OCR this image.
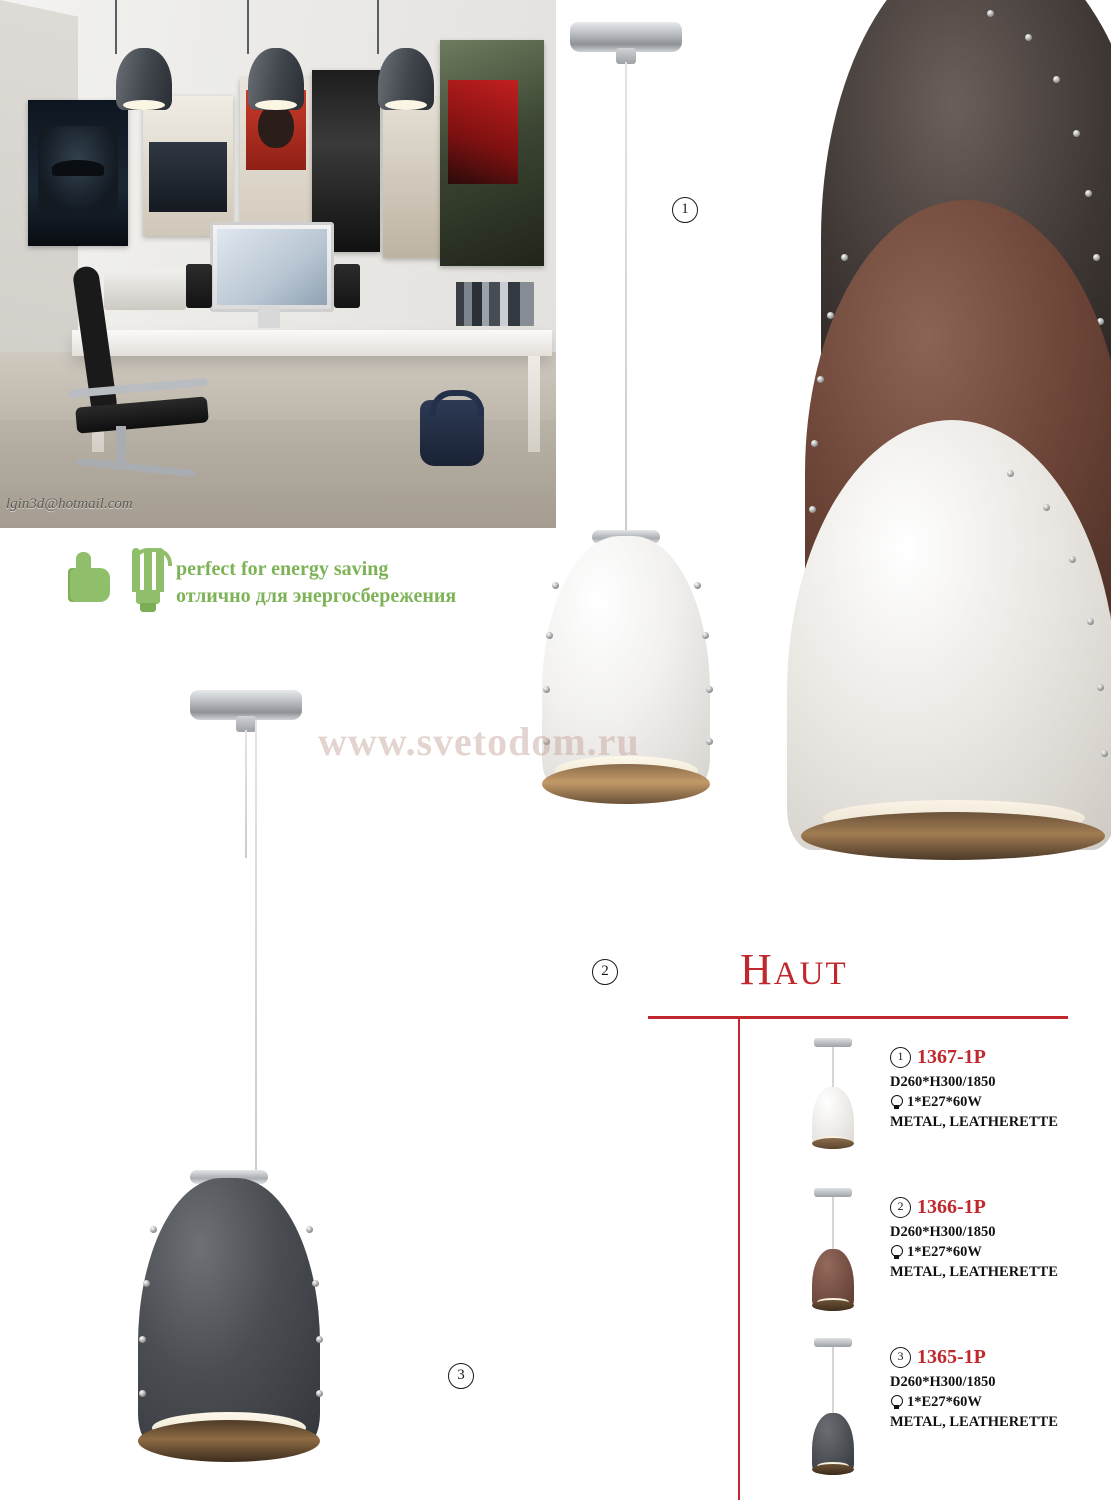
lgin3d@hotmail.com
perfect for energy saving
отлично для энергосбережения
1
2
3
www.svetodom.ru
HAUT
1 1367-1P
D260*H300/1850
1*E27*60W
METAL, LEATHERETTE
2 1366-1P
D260*H300/1850
1*E27*60W
METAL, LEATHERETTE
3 1365-1P
D260*H300/1850
1*E27*60W
METAL, LEATHERETTE
